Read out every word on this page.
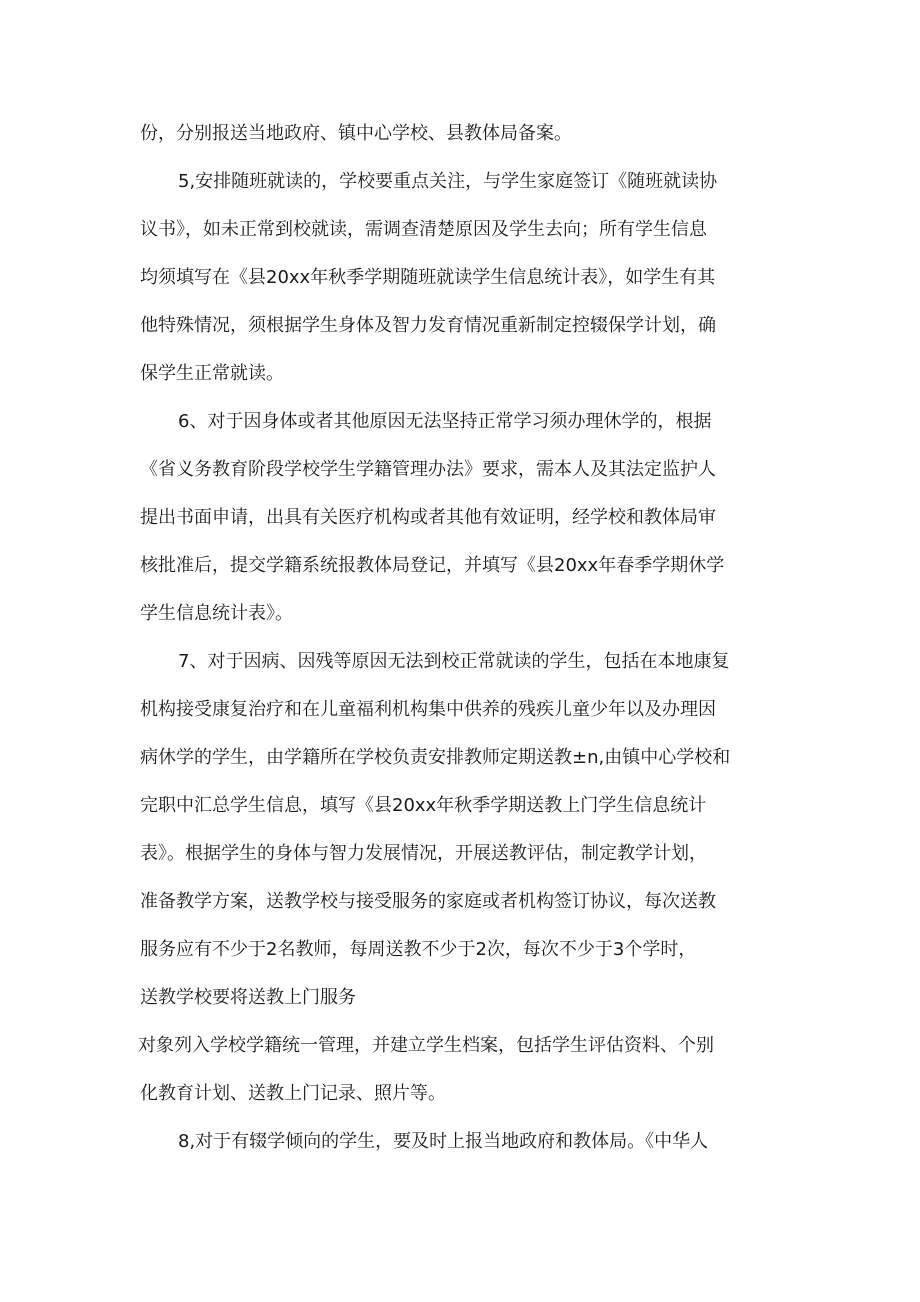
份，分别报送当地政府、镇中心学校、县教体局备案。

5,安排随班就读的，学校要重点关注，与学生家庭签订《随班就读协
议书》，如未正常到校就读，需调查清楚原因及学生去向；所有学生信息
均须填写在《县20xx年秋季学期随班就读学生信息统计表》，如学生有其
他特殊情况，须根据学生身体及智力发育情况重新制定控辍保学计划，确
保学生正常就读。

6、对于因身体或者其他原因无法坚持正常学习须办理休学的，根据
《省义务教育阶段学校学生学籍管理办法》要求，需本人及其法定监护人
提出书面申请，出具有关医疗机构或者其他有效证明，经学校和教体局审
核批准后，提交学籍系统报教体局登记，并填写《县20xx年春季学期休学
学生信息统计表》。

7、对于因病、因残等原因无法到校正常就读的学生，包括在本地康复
机构接受康复治疗和在儿童福利机构集中供养的残疾儿童少年以及办理因
病休学的学生，由学籍所在学校负责安排教师定期送教±n,由镇中心学校和
完职中汇总学生信息，填写《县20xx年秋季学期送教上门学生信息统计
表》。根据学生的身体与智力发展情况，开展送教评估，制定教学计划，
准备教学方案，送教学校与接受服务的家庭或者机构签订协议，每次送教
服务应有不少于2名教师，每周送教不少于2次，每次不少于3个学时，
送教学校要将送教上门服务

对象列入学校学籍统一管理，并建立学生档案，包括学生评估资料、个别
化教育计划、送教上门记录、照片等。

8,对于有辍学倾向的学生，要及时上报当地政府和教体局。《中华人
